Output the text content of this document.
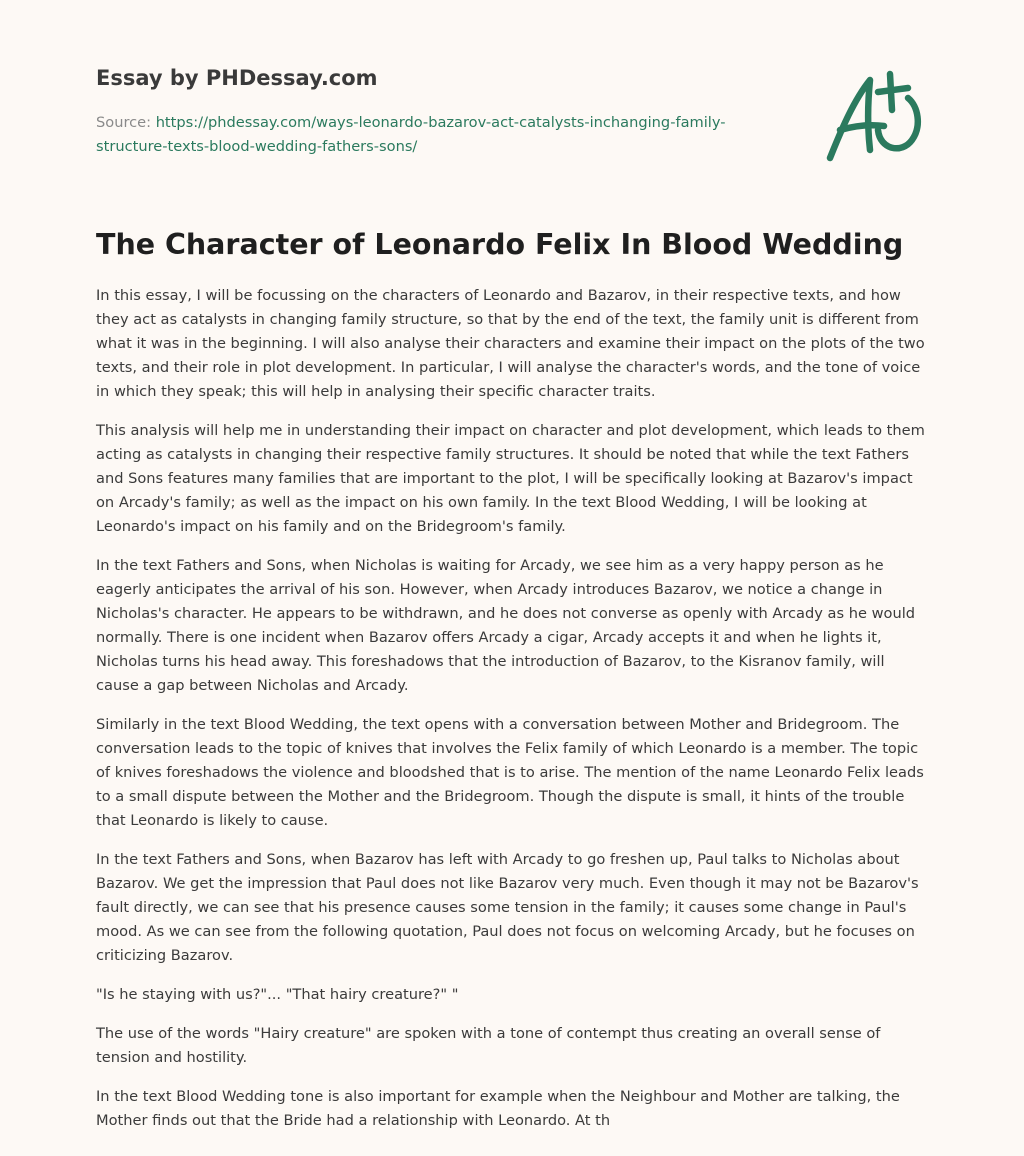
Essay by PHDessay.com
Source: https://phdessay.com/ways-leonardo-bazarov-act-catalysts-inchanging-family-structure-texts-blood-wedding-fathers-sons/
The Character of Leonardo Felix In Blood Wedding

In this essay, I will be focussing on the characters of Leonardo and Bazarov, in their respective texts, and how they act as catalysts in changing family structure, so that by the end of the text, the family unit is different from what it was in the beginning. I will also analyse their characters and examine their impact on the plots of the two texts, and their role in plot development. In particular, I will analyse the character's words, and the tone of voice in which they speak; this will help in analysing their specific character traits.

This analysis will help me in understanding their impact on character and plot development, which leads to them acting as catalysts in changing their respective family structures. It should be noted that while the text Fathers and Sons features many families that are important to the plot, I will be specifically looking at Bazarov's impact on Arcady's family; as well as the impact on his own family. In the text Blood Wedding, I will be looking at Leonardo's impact on his family and on the Bridegroom's family.

In the text Fathers and Sons, when Nicholas is waiting for Arcady, we see him as a very happy person as he eagerly anticipates the arrival of his son. However, when Arcady introduces Bazarov, we notice a change in Nicholas's character. He appears to be withdrawn, and he does not converse as openly with Arcady as he would normally. There is one incident when Bazarov offers Arcady a cigar, Arcady accepts it and when he lights it, Nicholas turns his head away. This foreshadows that the introduction of Bazarov, to the Kisranov family, will cause a gap between Nicholas and Arcady.

Similarly in the text Blood Wedding, the text opens with a conversation between Mother and Bridegroom. The conversation leads to the topic of knives that involves the Felix family of which Leonardo is a member. The topic of knives foreshadows the violence and bloodshed that is to arise. The mention of the name Leonardo Felix leads to a small dispute between the Mother and the Bridegroom. Though the dispute is small, it hints of the trouble that Leonardo is likely to cause.

In the text Fathers and Sons, when Bazarov has left with Arcady to go freshen up, Paul talks to Nicholas about Bazarov. We get the impression that Paul does not like Bazarov very much. Even though it may not be Bazarov's fault directly, we can see that his presence causes some tension in the family; it causes some change in Paul's mood. As we can see from the following quotation, Paul does not focus on welcoming Arcady, but he focuses on criticizing Bazarov.

"Is he staying with us?"... "That hairy creature?" "

The use of the words "Hairy creature" are spoken with a tone of contempt thus creating an overall sense of tension and hostility.

In the text Blood Wedding tone is also important for example when the Neighbour and Mother are talking, the Mother finds out that the Bride had a relationship with Leonardo. At th
